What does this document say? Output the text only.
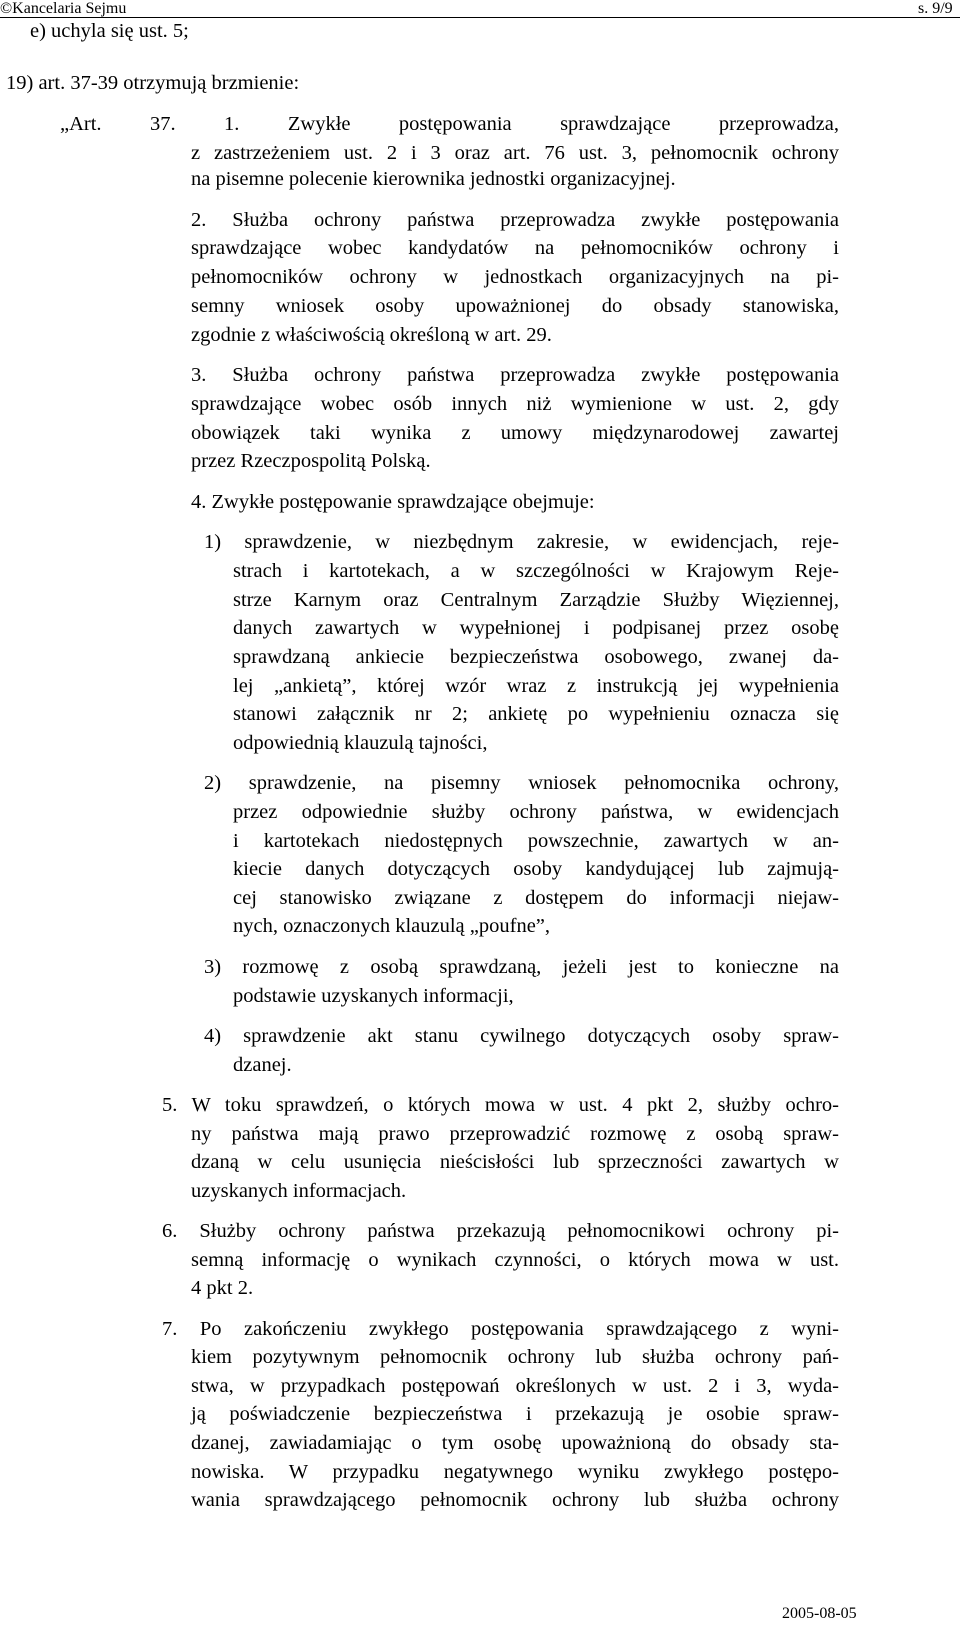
©Kancelaria Sejmu	s. 9/9
e) uchyla się ust. 5;
19) art. 37-39 otrzymują brzmienie:
„Art. 37. 1. Zwykłe postępowania sprawdzające przeprowadza,
z zastrzeżeniem ust. 2 i 3 oraz art. 76 ust. 3, pełnomocnik ochrony
na pisemne polecenie kierownika jednostki organizacyjnej.
2. Służba ochrony państwa przeprowadza zwykłe postępowania
sprawdzające wobec kandydatów na pełnomocników ochrony i
pełnomocników ochrony w jednostkach organizacyjnych na pi-
semny wniosek osoby upoważnionej do obsady stanowiska,
zgodnie z właściwością określoną w art. 29.
3. Służba ochrony państwa przeprowadza zwykłe postępowania
sprawdzające wobec osób innych niż wymienione w ust. 2, gdy
obowiązek taki wynika z umowy międzynarodowej zawartej
przez Rzeczpospolitą Polską.
4. Zwykłe postępowanie sprawdzające obejmuje:
1) sprawdzenie, w niezbędnym zakresie, w ewidencjach, reje-
strach i kartotekach, a w szczególności w Krajowym Reje-
strze Karnym oraz Centralnym Zarządzie Służby Więziennej,
danych zawartych w wypełnionej i podpisanej przez osobę
sprawdzaną ankiecie bezpieczeństwa osobowego, zwanej da-
lej „ankietą”, której wzór wraz z instrukcją jej wypełnienia
stanowi załącznik nr 2; ankietę po wypełnieniu oznacza się
odpowiednią klauzulą tajności,
2) sprawdzenie, na pisemny wniosek pełnomocnika ochrony,
przez odpowiednie służby ochrony państwa, w ewidencjach
i kartotekach niedostępnych powszechnie, zawartych w an-
kiecie danych dotyczących osoby kandydującej lub zajmują-
cej stanowisko związane z dostępem do informacji niejaw-
nych, oznaczonych klauzulą „poufne”,
3) rozmowę z osobą sprawdzaną, jeżeli jest to konieczne na
podstawie uzyskanych informacji,
4) sprawdzenie akt stanu cywilnego dotyczących osoby spraw-
dzanej.
5. W toku sprawdzeń, o których mowa w ust. 4 pkt 2, służby ochro-
ny państwa mają prawo przeprowadzić rozmowę z osobą spraw-
dzaną w celu usunięcia nieścisłości lub sprzeczności zawartych w
uzyskanych informacjach.
6. Służby ochrony państwa przekazują pełnomocnikowi ochrony pi-
semną informację o wynikach czynności, o których mowa w ust.
4 pkt 2.
7. Po zakończeniu zwykłego postępowania sprawdzającego z wyni-
kiem pozytywnym pełnomocnik ochrony lub służba ochrony pań-
stwa, w przypadkach postępowań określonych w ust. 2 i 3, wyda-
ją poświadczenie bezpieczeństwa i przekazują je osobie spraw-
dzanej, zawiadamiając o tym osobę upoważnioną do obsady sta-
nowiska. W przypadku negatywnego wyniku zwykłego postępo-
wania sprawdzającego pełnomocnik ochrony lub służba ochrony
2005-08-05
